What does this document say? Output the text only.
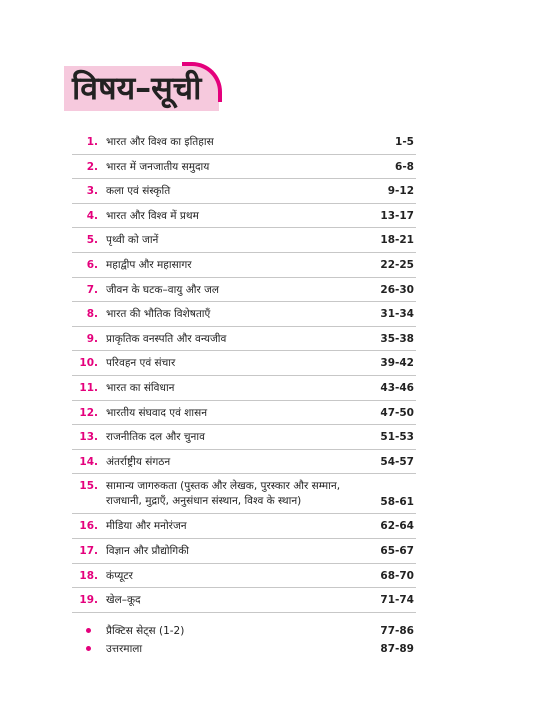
विषय–सूची
1. भारत और विश्व का इतिहास	1-5
2. भारत में जनजातीय समुदाय	6-8
3. कला एवं संस्कृति	9-12
4. भारत और विश्व में प्रथम	13-17
5. पृथ्वी को जानें	18-21
6. महाद्वीप और महासागर	22-25
7. जीवन के घटक–वायु और जल	26-30
8. भारत की भौतिक विशेषताएँ	31-34
9. प्राकृतिक वनस्पति और वन्यजीव	35-38
10. परिवहन एवं संचार	39-42
11. भारत का संविधान	43-46
12. भारतीय संघवाद एवं शासन	47-50
13. राजनीतिक दल और चुनाव	51-53
14. अंतर्राष्ट्रीय संगठन	54-57
15. सामान्य जागरुकता (पुस्तक और लेखक, पुरस्कार और सम्मान, राजधानी, मुद्राएँ, अनुसंधान संस्थान, विश्व के स्थान)	58-61
16. मीडिया और मनोरंजन	62-64
17. विज्ञान और प्रौद्योगिकी	65-67
18. कंप्यूटर	68-70
19. खेल–कूद	71-74
प्रैक्टिस सेट्स (1-2)	77-86
उत्तरमाला	87-89
